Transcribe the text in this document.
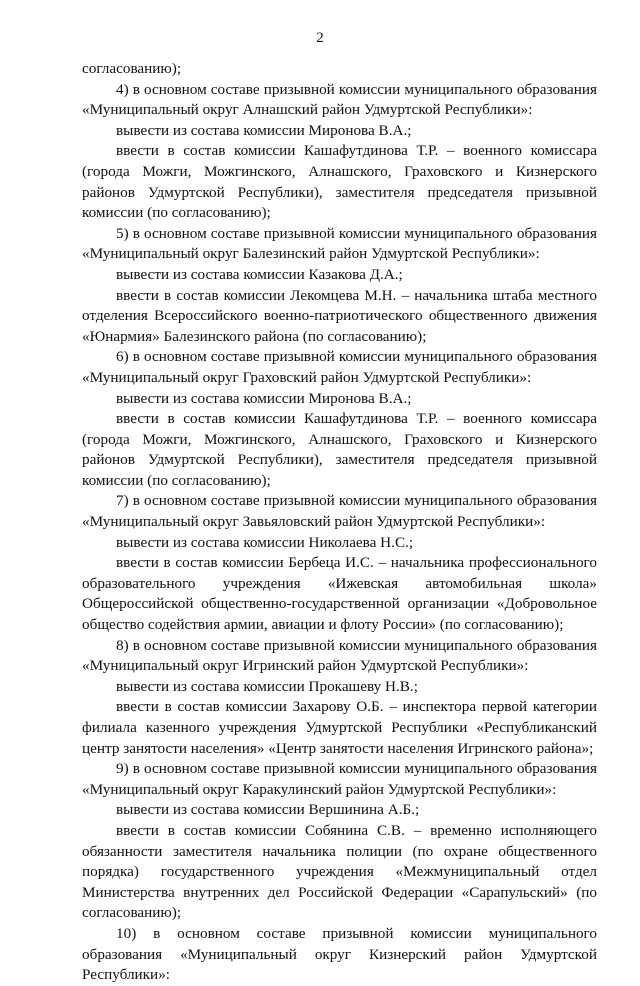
2

согласованию);

4) в основном составе призывной комиссии муниципального образования «Муниципальный округ Алнашский район Удмуртской Республики»:

вывести из состава комиссии Миронова В.А.;

ввести в состав комиссии Кашафутдинова Т.Р. – военного комиссара (города Можги, Можгинского, Алнашского, Граховского и Кизнерского районов Удмуртской Республики), заместителя председателя призывной комиссии (по согласованию);

5) в основном составе призывной комиссии муниципального образования «Муниципальный округ Балезинский район Удмуртской Республики»:

вывести из состава комиссии Казакова Д.А.;

ввести в состав комиссии Лекомцева М.Н. – начальника штаба местного отделения Всероссийского военно-патриотического общественного движения «Юнармия» Балезинского района (по согласованию);

6) в основном составе призывной комиссии муниципального образования «Муниципальный округ Граховский район Удмуртской Республики»:

вывести из состава комиссии Миронова В.А.;

ввести в состав комиссии Кашафутдинова Т.Р. – военного комиссара (города Можги, Можгинского, Алнашского, Граховского и Кизнерского районов Удмуртской Республики), заместителя председателя призывной комиссии (по согласованию);

7) в основном составе призывной комиссии муниципального образования «Муниципальный округ Завьяловский район Удмуртской Республики»:

вывести из состава комиссии Николаева Н.С.;

ввести в состав комиссии Бербеца И.С. – начальника профессионального образовательного учреждения «Ижевская автомобильная школа» Общероссийской общественно-государственной организации «Добровольное общество содействия армии, авиации и флоту России» (по согласованию);

8) в основном составе призывной комиссии муниципального образования «Муниципальный округ Игринский район Удмуртской Республики»:

вывести из состава комиссии Прокашеву Н.В.;

ввести в состав комиссии Захарову О.Б. – инспектора первой категории филиала казенного учреждения Удмуртской Республики «Республиканский центр занятости населения» «Центр занятости населения Игринского района»;

9) в основном составе призывной комиссии муниципального образования «Муниципальный округ Каракулинский район Удмуртской Республики»:

вывести из состава комиссии Вершинина А.Б.;

ввести в состав комиссии Собянина С.В. – временно исполняющего обязанности заместителя начальника полиции (по охране общественного порядка) государственного учреждения «Межмуниципальный отдел Министерства внутренних дел Российской Федерации «Сарапульский» (по согласованию);

10) в основном составе призывной комиссии муниципального образования «Муниципальный округ Кизнерский район Удмуртской Республики»:
